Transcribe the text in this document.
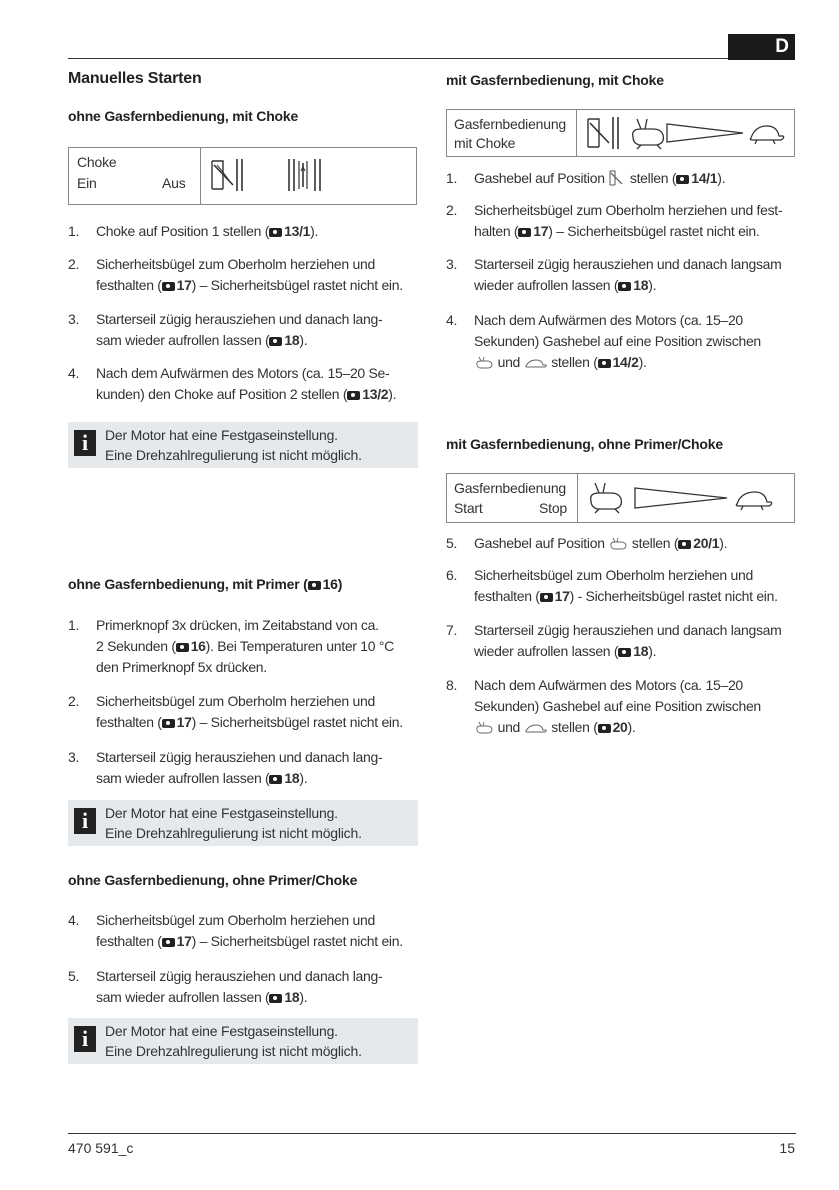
D
Manuelles Starten
ohne Gasfernbedienung, mit Choke
Choke
Ein	Aus
1. Choke auf Position 1 stellen ( 13/1).
2. Sicherheitsbügel zum Oberholm herziehen und
festhalten ( 17) – Sicherheitsbügel rastet nicht ein.
3. Starterseil zügig herausziehen und danach lang-
sam wieder aufrollen lassen ( 18).
4. Nach dem Aufwärmen des Motors (ca. 15–20 Se-
kunden) den Choke auf Position 2 stellen ( 13/2).
i	Der Motor hat eine Festgaseinstellung.
Eine Drehzahlregulierung ist nicht möglich.
ohne Gasfernbedienung, mit Primer ( 16)
1. Primerknopf 3x drücken, im Zeitabstand von ca.
2 Sekunden ( 16). Bei Temperaturen unter 10 °C
den Primerknopf 5x drücken.
2. Sicherheitsbügel zum Oberholm herziehen und
festhalten ( 17) – Sicherheitsbügel rastet nicht ein.
3. Starterseil zügig herausziehen und danach lang-
sam wieder aufrollen lassen ( 18).
i	Der Motor hat eine Festgaseinstellung.
Eine Drehzahlregulierung ist nicht möglich.
ohne Gasfernbedienung, ohne Primer/Choke
4. Sicherheitsbügel zum Oberholm herziehen und
festhalten ( 17) – Sicherheitsbügel rastet nicht ein.
5. Starterseil zügig herausziehen und danach lang-
sam wieder aufrollen lassen ( 18).
i	Der Motor hat eine Festgaseinstellung.
Eine Drehzahlregulierung ist nicht möglich.
mit Gasfernbedienung, mit Choke
Gasfernbedienung
mit Choke
1. Gashebel auf Position  stellen ( 14/1).
2. Sicherheitsbügel zum Oberholm herziehen und fest-
halten ( 17) – Sicherheitsbügel rastet nicht ein.
3. Starterseil zügig herausziehen und danach langsam
wieder aufrollen lassen ( 18).
4. Nach dem Aufwärmen des Motors (ca. 15–20
Sekunden) Gashebel auf eine Position zwischen
und  stellen ( 14/2).
mit Gasfernbedienung, ohne Primer/Choke
Gasfernbedienung
Start	Stop
5. Gashebel auf Position  stellen ( 20/1).
6. Sicherheitsbügel zum Oberholm herziehen und
festhalten ( 17) - Sicherheitsbügel rastet nicht ein.
7. Starterseil zügig herausziehen und danach langsam
wieder aufrollen lassen ( 18).
8. Nach dem Aufwärmen des Motors (ca. 15–20
Sekunden) Gashebel auf eine Position zwischen
und  stellen ( 20).
470 591_c	15
